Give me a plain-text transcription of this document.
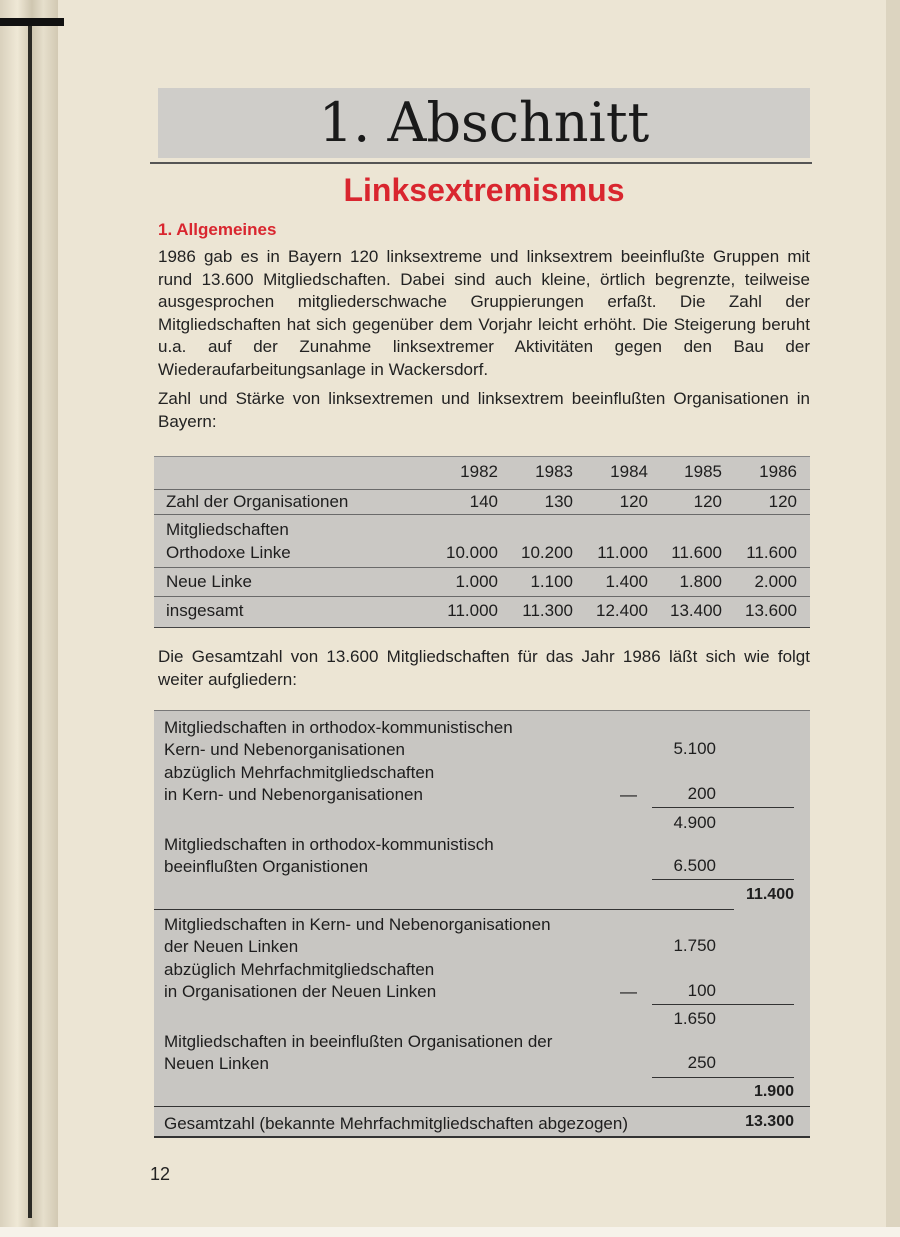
1. Abschnitt
Linksextremismus
1. Allgemeines
1986 gab es in Bayern 120 linksextreme und linksextrem beeinflußte Gruppen mit rund 13.600 Mitgliedschaften. Dabei sind auch kleine, örtlich begrenzte, teilweise ausgesprochen mitgliederschwache Gruppierungen erfaßt. Die Zahl der Mitgliedschaften hat sich gegenüber dem Vorjahr leicht erhöht. Die Steigerung beruht u.a. auf der Zunahme linksextremer Aktivitäten gegen den Bau der Wiederaufarbeitungsanlage in Wackersdorf.
Zahl und Stärke von linksextremen und linksextrem beeinflußten Organisationen in Bayern:
1982	1983	1984	1985	1986
Zahl der Organisationen	140	130	120	120	120
Mitgliedschaften
Orthodoxe Linke	10.000	10.200	11.000	11.600	11.600
Neue Linke	1.000	1.100	1.400	1.800	2.000
insgesamt	11.000	11.300	12.400	13.400	13.600
Die Gesamtzahl von 13.600 Mitgliedschaften für das Jahr 1986 läßt sich wie folgt weiter aufgliedern:
Mitgliedschaften in orthodox-kommunistischen
Kern- und Nebenorganisationen	5.100
abzüglich Mehrfachmitgliedschaften
in Kern- und Nebenorganisationen	—	200
4.900
Mitgliedschaften in orthodox-kommunistisch
beeinflußten Organistionen	6.500
11.400
Mitgliedschaften in Kern- und Nebenorganisationen
der Neuen Linken	1.750
abzüglich Mehrfachmitgliedschaften
in Organisationen der Neuen Linken	—	100
1.650
Mitgliedschaften in beeinflußten Organisationen der
Neuen Linken	250
1.900
Gesamtzahl (bekannte Mehrfachmitgliedschaften abgezogen)	13.300
12
